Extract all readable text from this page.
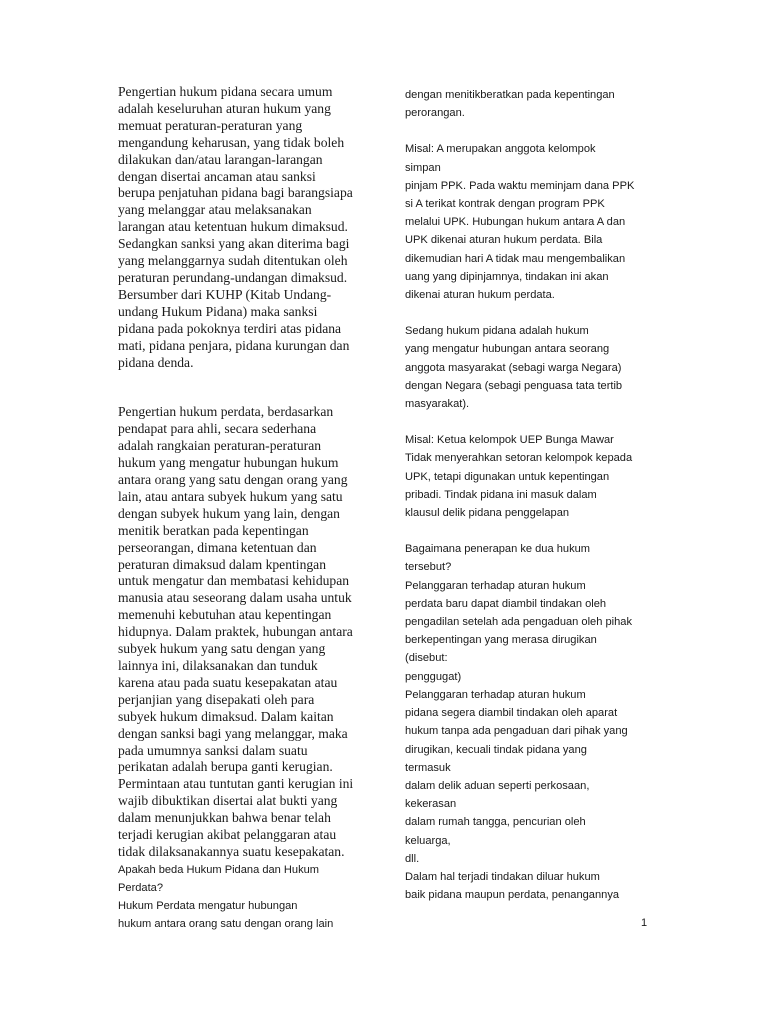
Pengertian hukum pidana secara umum
adalah keseluruhan aturan hukum yang
memuat peraturan-peraturan yang
mengandung keharusan, yang tidak boleh
dilakukan dan/atau larangan-larangan
dengan disertai ancaman atau sanksi
berupa penjatuhan pidana bagi barangsiapa
yang melanggar atau melaksanakan
larangan atau ketentuan hukum dimaksud.
Sedangkan sanksi yang akan diterima bagi
yang melanggarnya sudah ditentukan oleh
peraturan perundang-undangan dimaksud.
Bersumber dari KUHP (Kitab Undang-
undang Hukum Pidana) maka sanksi
pidana pada pokoknya terdiri atas pidana
mati, pidana penjara, pidana kurungan dan
pidana denda.
Pengertian hukum perdata, berdasarkan
pendapat para ahli, secara sederhana
adalah rangkaian peraturan-peraturan
hukum yang mengatur hubungan hukum
antara orang yang satu dengan orang yang
lain, atau antara subyek hukum yang satu
dengan subyek hukum yang lain, dengan
menitik beratkan pada kepentingan
perseorangan, dimana ketentuan dan
peraturan dimaksud dalam kpentingan
untuk mengatur dan membatasi kehidupan
manusia atau seseorang dalam usaha untuk
memenuhi kebutuhan atau kepentingan
hidupnya. Dalam praktek, hubungan antara
subyek hukum yang satu dengan yang
lainnya ini, dilaksanakan dan tunduk
karena atau pada suatu kesepakatan atau
perjanjian yang disepakati oleh para
subyek hukum dimaksud. Dalam kaitan
dengan sanksi bagi yang melanggar, maka
pada umumnya sanksi dalam suatu
perikatan adalah berupa ganti kerugian.
Permintaan atau tuntutan ganti kerugian ini
wajib dibuktikan disertai alat bukti yang
dalam menunjukkan bahwa benar telah
terjadi kerugian akibat pelanggaran atau
tidak dilaksanakannya suatu kesepakatan.
Apakah beda Hukum Pidana dan Hukum
Perdata?
Hukum Perdata mengatur hubungan
hukum antara orang satu dengan orang lain
dengan menitikberatkan pada kepentingan
perorangan.
Misal: A merupakan anggota kelompok
simpan
pinjam PPK. Pada waktu meminjam dana PPK
si A terikat kontrak dengan program PPK
melalui UPK. Hubungan hukum antara A dan
UPK dikenai aturan hukum perdata. Bila
dikemudian hari A tidak mau mengembalikan
uang yang dipinjamnya, tindakan ini akan
dikenai aturan hukum perdata.
Sedang hukum pidana adalah hukum
yang mengatur hubungan antara seorang
anggota masyarakat (sebagi warga Negara)
dengan Negara (sebagi penguasa tata tertib
masyarakat).
Misal: Ketua kelompok UEP Bunga Mawar
Tidak menyerahkan setoran kelompok kepada
UPK, tetapi digunakan untuk kepentingan
pribadi. Tindak pidana ini masuk dalam
klausul delik pidana penggelapan
Bagaimana penerapan ke dua hukum
tersebut?
Pelanggaran terhadap aturan hukum
perdata baru dapat diambil tindakan oleh
pengadilan setelah ada pengaduan oleh pihak
berkepentingan yang merasa dirugikan
(disebut:
penggugat)
Pelanggaran terhadap aturan hukum
pidana segera diambil tindakan oleh aparat
hukum tanpa ada pengaduan dari pihak yang
dirugikan, kecuali tindak pidana yang
termasuk
dalam delik aduan seperti perkosaan,
kekerasan
dalam rumah tangga, pencurian oleh
keluarga,
dll.
Dalam hal terjadi tindakan diluar hukum
baik pidana maupun perdata, penangannya
1
